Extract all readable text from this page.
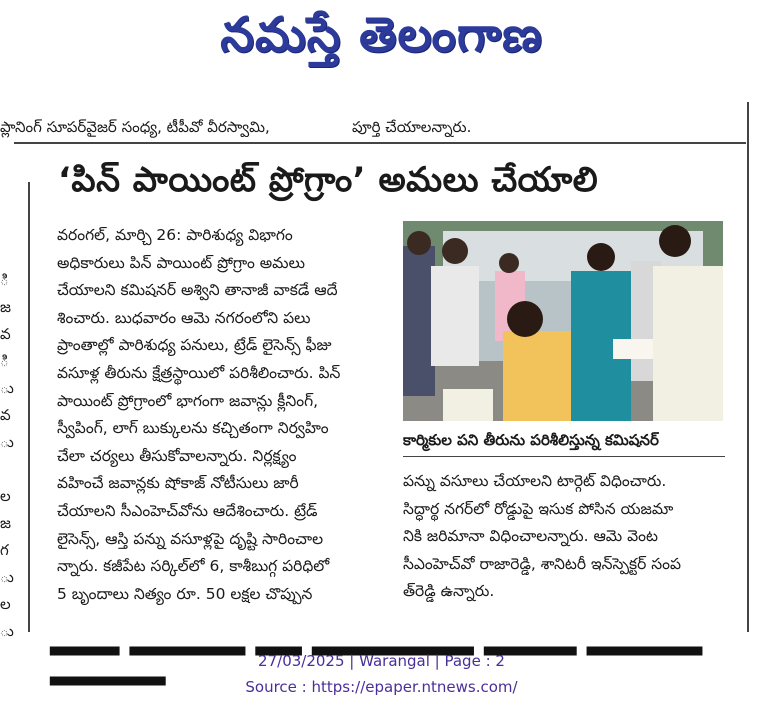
నమస్తే తెలంగాణ
ప్లానింగ్ సూపర్‌వైజర్ సంధ్య, టీపీవో వీరస్వామి,	పూర్తి చేయాలన్నారు.
ి
జ
వ
ి
ు
వ
ు

ల
జ
గ
ు
ల
ు
‘పిన్ పాయింట్ ప్రోగ్రాం’ అమలు చేయాలి
వరంగల్, మార్చి 26: పారిశుధ్య విభాగం
అధికారులు పిన్ పాయింట్ ప్రోగ్రాం అమలు
చేయాలని కమిషనర్ అశ్విని తానాజీ వాకడే ఆదే
శించారు. బుధవారం ఆమె నగరంలోని పలు
ప్రాంతాల్లో పారిశుధ్య పనులు, ట్రేడ్ లైసెన్స్ ఫీజు
వసూళ్ల తీరును క్షేత్రస్థాయిలో పరిశీలించారు. పిన్
పాయింట్ ప్రోగ్రాంలో భాగంగా జవాన్లు క్లీనింగ్,
స్వీపింగ్, లాగ్ బుక్కులను కచ్చితంగా నిర్వహిం
చేలా చర్యలు తీసుకోవాలన్నారు. నిర్లక్ష్యం
వహించే జవాన్లకు షోకాజ్ నోటీసులు జారీ
చేయాలని సీఎంహెచ్‌వోను ఆదేశించారు. ట్రేడ్
లైసెన్స్, ఆస్తి పన్ను వసూళ్లపై దృష్టి సారించాల
న్నారు. కజీపేట సర్కిల్‌లో 6, కాశీబుగ్గ పరిధిలో
5 బృందాలు నిత్యం రూ. 50 లక్షల చొప్పున
కార్మికుల పని తీరును పరిశీలిస్తున్న కమిషనర్
పన్ను వసూలు చేయాలని టార్గెట్ విధించారు.
సిద్ధార్థ నగర్‌లో రోడ్డుపై ఇసుక పోసిన యజమా
నికి జరిమానా విధించాలన్నారు. ఆమె వెంట
సీఎంహెచ్‌వో రాజారెడ్డి, శానిటరీ ఇన్‌స్పెక్టర్ సంప
త్‌రెడ్డి ఉన్నారు.
▂▂▂ ▂▂▂▂▂ ▂▂ ▂▂▂▂▂▂▂ ▂▂▂▂ ▂▂▂▂▂ ▂▂▂▂▂	27/03/2025 | Warangal | Page : 2
Source : https://epaper.ntnews.com/
